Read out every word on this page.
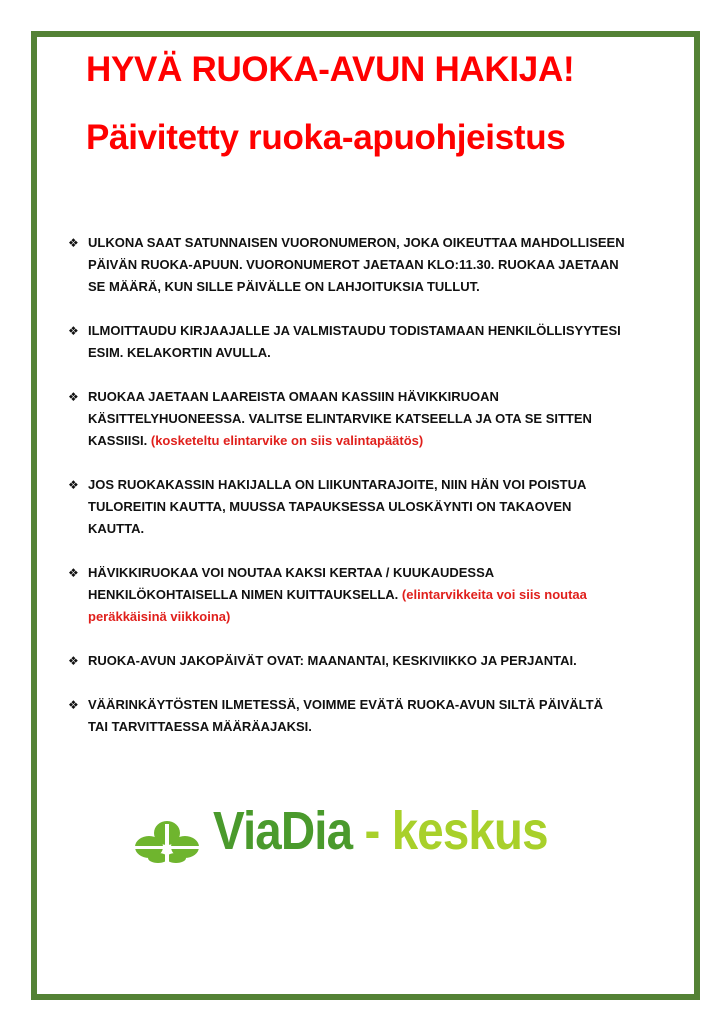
HYVÄ RUOKA-AVUN HAKIJA!
Päivitetty ruoka-apuohjeistus
❖ ULKONA SAAT SATUNNAISEN VUORONUMERON, JOKA OIKEUTTAA MAHDOLLISEEN
PÄIVÄN RUOKA-APUUN. VUORONUMEROT JAETAAN KLO:11.30. RUOKAA JAETAAN
SE MÄÄRÄ, KUN SILLE PÄIVÄLLE ON LAHJOITUKSIA TULLUT.
❖ ILMOITTAUDU KIRJAAJALLE JA VALMISTAUDU TODISTAMAAN HENKILÖLLISYYTESI
ESIM. KELAKORTIN AVULLA.
❖ RUOKAA JAETAAN LAAREISTA OMAAN KASSIIN HÄVIKKIRUOAN
KÄSITTELYHUONEESSA. VALITSE ELINTARVIKE KATSEELLA JA OTA SE SITTEN
KASSIISI. (kosketeltu elintarvike on siis valintapäätös)
❖ JOS RUOKAKASSIN HAKIJALLA ON LIIKUNTARAJOITE, NIIN HÄN VOI POISTUA
TULOREITIN KAUTTA, MUUSSA TAPAUKSESSA ULOSKÄYNTI ON TAKAOVEN
KAUTTA.
❖ HÄVIKKIRUOKAA VOI NOUTAA KAKSI KERTAA / KUUKAUDESSA
HENKILÖKOHTAISELLA NIMEN KUITTAUKSELLA. (elintarvikkeita voi siis noutaa
peräkkäisinä viikkoina)
❖ RUOKA-AVUN JAKOPÄIVÄT OVAT: MAANANTAI, KESKIVIIKKO JA PERJANTAI.
❖ VÄÄRINKÄYTÖSTEN ILMETESSÄ, VOIMME EVÄTÄ RUOKA-AVUN SILTÄ PÄIVÄLTÄ
TAI TARVITTAESSA MÄÄRÄAJAKSI.
ViaDia - keskus
